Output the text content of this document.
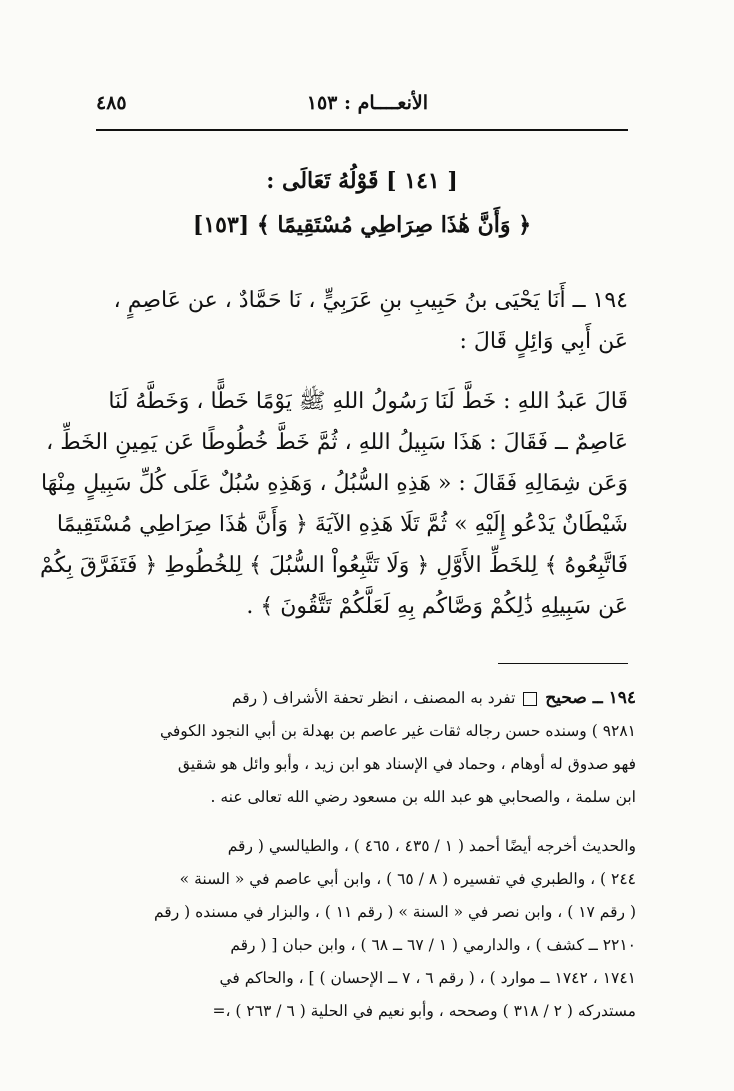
الأنعــــام : ١٥٣
٤٨٥
[ ١٤١ ] قَوْلُهُ تَعَالَى :
﴿ وَأَنَّ هَٰذَا صِرَاطِي مُسْتَقِيمًا ﴾ [١٥٣]
١٩٤ ــ أَنَا يَحْيَى بنُ حَبِيبِ بنِ عَرَبِيٍّ ، نَا حَمَّادٌ ، عن عَاصِمٍ ،
عَن أَبِي وَائِلٍ قَالَ :
قَالَ عَبدُ اللهِ : خَطَّ لَنَا رَسُولُ اللهِ ﷺ يَوْمًا خَطًّا ، وَخَطَّهُ لَنَا
عَاصِمٌ ــ فَقَالَ : هَذَا سَبِيلُ اللهِ ، ثُمَّ خَطَّ خُطُوطًا عَن يَمِينِ الخَطِّ ،
وَعَن شِمَالِهِ فَقَالَ : « هَذِهِ السُّبُلُ ، وَهَذِهِ سُبُلٌ عَلَى كُلِّ سَبِيلٍ مِنْهَا
شَيْطَانٌ يَدْعُو إِلَيْهِ » ثُمَّ تَلَا هَذِهِ الآيَةَ ﴿ وَأَنَّ هَٰذَا صِرَاطِي مُسْتَقِيمًا
فَاتَّبِعُوهُ ﴾ لِلخَطِّ الأَوَّلِ ﴿ وَلَا تَتَّبِعُواْ السُّبُلَ ﴾ لِلخُطُوطِ ﴿ فَتَفَرَّقَ بِكُمْ
عَن سَبِيلِهِ ذَٰلِكُمْ وَصَّاكُم بِهِ لَعَلَّكُمْ تَتَّقُونَ ﴾ .
١٩٤ ــ صحيح  تفرد به المصنف ، انظر تحفة الأشراف ( رقم
٩٢٨١ ) وسنده حسن رجاله ثقات غير عاصم بن بهدلة بن أبي النجود الكوفي
فهو صدوق له أوهام ، وحماد في الإسناد هو ابن زيد ، وأبو وائل هو شقيق
ابن سلمة ، والصحابي هو عبد الله بن مسعود رضي الله تعالى عنه .
والحديث أخرجه أيضًا أحمد ( ١ / ٤٣٥ ، ٤٦٥ ) ، والطيالسي ( رقم
٢٤٤ ) ، والطبري في تفسيره ( ٨ / ٦٥ ) ، وابن أبي عاصم في « السنة »
( رقم ١٧ ) ، وابن نصر في « السنة » ( رقم ١١ ) ، والبزار في مسنده ( رقم
٢٢١٠ ــ كشف ) ، والدارمي ( ١ / ٦٧ ــ ٦٨ ) ، وابن حبان [ ( رقم
١٧٤١ ، ١٧٤٢ ــ موارد ) ، ( رقم ٦ ، ٧ ــ الإحسان ) ] ، والحاكم في
مستدركه ( ٢ / ٣١٨ ) وصححه ، وأبو نعيم في الحلية ( ٦ / ٢٦٣ ) ،=
